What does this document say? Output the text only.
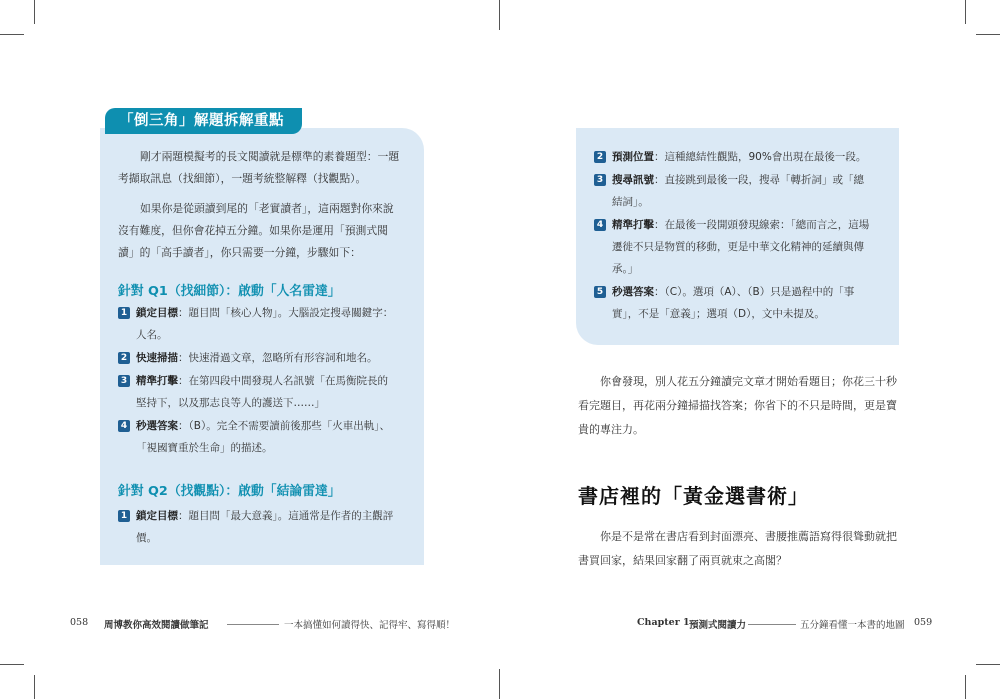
「倒三角」解題拆解重點
剛才兩題模擬考的長文閱讀就是標準的素養題型：一題
考擷取訊息（找細節），一題考統整解釋（找觀點）。
如果你是從頭讀到尾的「老實讀者」，這兩題對你來說
沒有難度，但你會花掉五分鐘。如果你是運用「預測式閱
讀」的「高手讀者」，你只需要一分鐘，步驟如下：
針對 Q1（找細節）：啟動「人名雷達」
1 鎖定目標：題目問「核心人物」。大腦設定搜尋關鍵字：
人名。
2 快速掃描：快速滑過文章，忽略所有形容詞和地名。
3 精準打擊：在第四段中間發現人名訊號「在馬衡院長的
堅持下，以及那志良等人的護送下……」
4 秒選答案：（B）。完全不需要讀前後那些「火車出軌」、
「視國寶重於生命」的描述。
針對 Q2（找觀點）：啟動「結論雷達」
1 鎖定目標：題目問「最大意義」。這通常是作者的主觀評
價。
058 周博教你高效閱讀做筆記	一本搞懂如何讀得快、記得牢、寫得順！
2 預測位置：這種總結性觀點，90%會出現在最後一段。
3 搜尋訊號：直接跳到最後一段，搜尋「轉折詞」或「總
結詞」。
4 精準打擊：在最後一段開頭發現線索：「總而言之，這場
遷徙不只是物質的移動，更是中華文化精神的延續與傳
承。」
5 秒選答案：（C）。選項（A）、（B）只是過程中的「事
實」，不是「意義」；選項（D），文中未提及。
你會發現，別人花五分鐘讀完文章才開始看題目；你花三十秒
看完題目，再花兩分鐘掃描找答案；你省下的不只是時間，更是寶
貴的專注力。
書店裡的「黃金選書術」
你是不是常在書店看到封面漂亮、書腰推薦語寫得很聳動就把
書買回家，結果回家翻了兩頁就束之高閣？
Chapter 1 預測式閱讀力	五分鐘看懂一本書的地圖 059
